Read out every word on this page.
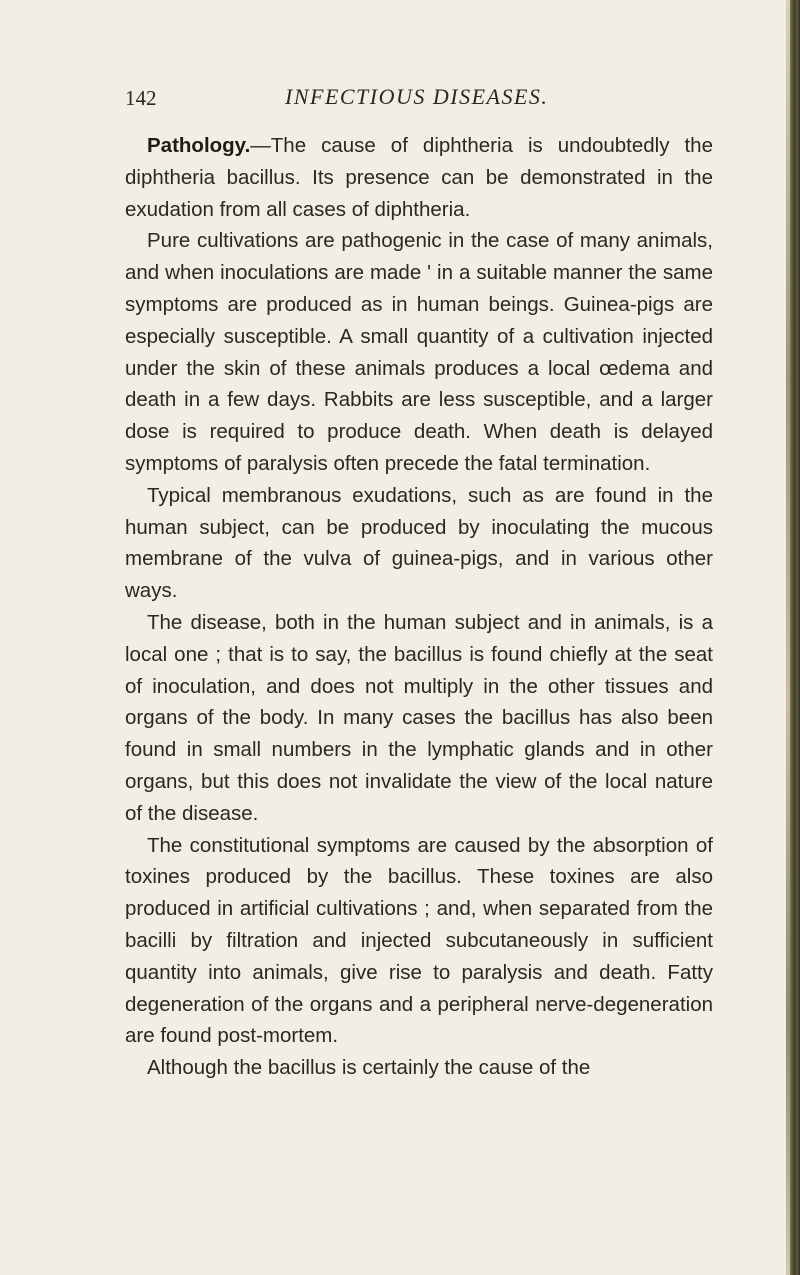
142	INFECTIOUS DISEASES.

Pathology.—The cause of diphtheria is undoubtedly the diphtheria bacillus. Its presence can be demonstrated in the exudation from all cases of diphtheria.

Pure cultivations are pathogenic in the case of many animals, and when inoculations are made ' in a suitable manner the same symptoms are produced as in human beings. Guinea-pigs are especially susceptible. A small quantity of a cultivation injected under the skin of these animals produces a local œdema and death in a few days. Rabbits are less susceptible, and a larger dose is required to produce death. When death is delayed symptoms of paralysis often precede the fatal termination.

Typical membranous exudations, such as are found in the human subject, can be produced by inoculating the mucous membrane of the vulva of guinea-pigs, and in various other ways.

The disease, both in the human subject and in animals, is a local one ; that is to say, the bacillus is found chiefly at the seat of inoculation, and does not multiply in the other tissues and organs of the body. In many cases the bacillus has also been found in small numbers in the lymphatic glands and in other organs, but this does not invalidate the view of the local nature of the disease.

The constitutional symptoms are caused by the absorption of toxines produced by the bacillus. These toxines are also produced in artificial cultivations ; and, when separated from the bacilli by filtration and injected subcutaneously in sufficient quantity into animals, give rise to paralysis and death. Fatty degeneration of the organs and a peripheral nerve-degeneration are found post-mortem.

Although the bacillus is certainly the cause of the
